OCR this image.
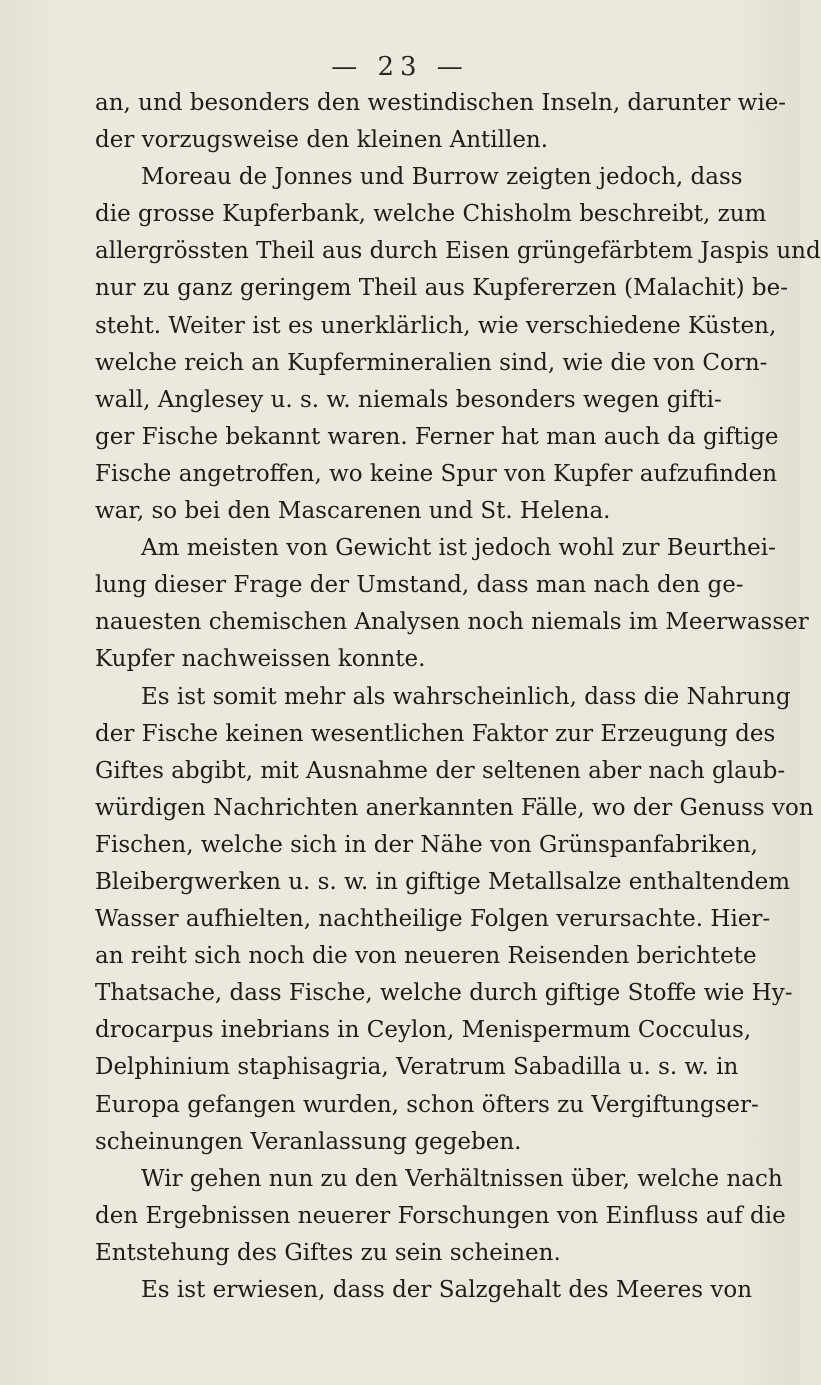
— 23 —
an, und besonders den westindischen Inseln, darunter wie-
der vorzugsweise den kleinen Antillen.
Moreau de Jonnes und Burrow zeigten jedoch, dass
die grosse Kupferbank, welche Chisholm beschreibt, zum
allergrössten Theil aus durch Eisen grüngefärbtem Jaspis und
nur zu ganz geringem Theil aus Kupfererzen (Malachit) be-
steht. Weiter ist es unerklärlich, wie verschiedene Küsten,
welche reich an Kupfermineralien sind, wie die von Corn-
wall, Anglesey u. s. w. niemals besonders wegen gifti-
ger Fische bekannt waren. Ferner hat man auch da giftige
Fische angetroffen, wo keine Spur von Kupfer aufzufinden
war, so bei den Mascarenen und St. Helena.
Am meisten von Gewicht ist jedoch wohl zur Beurthei-
lung dieser Frage der Umstand, dass man nach den ge-
nauesten chemischen Analysen noch niemals im Meerwasser
Kupfer nachweissen konnte.
Es ist somit mehr als wahrscheinlich, dass die Nahrung
der Fische keinen wesentlichen Faktor zur Erzeugung des
Giftes abgibt, mit Ausnahme der seltenen aber nach glaub-
würdigen Nachrichten anerkannten Fälle, wo der Genuss von
Fischen, welche sich in der Nähe von Grünspanfabriken,
Bleibergwerken u. s. w. in giftige Metallsalze enthaltendem
Wasser aufhielten, nachtheilige Folgen verursachte. Hier-
an reiht sich noch die von neueren Reisenden berichtete
Thatsache, dass Fische, welche durch giftige Stoffe wie Hy-
drocarpus inebrians in Ceylon, Menispermum Cocculus,
Delphinium staphisagria, Veratrum Sabadilla u. s. w. in
Europa gefangen wurden, schon öfters zu Vergiftungser-
scheinungen Veranlassung gegeben.
Wir gehen nun zu den Verhältnissen über, welche nach
den Ergebnissen neuerer Forschungen von Einfluss auf die
Entstehung des Giftes zu sein scheinen.
Es ist erwiesen, dass der Salzgehalt des Meeres von
